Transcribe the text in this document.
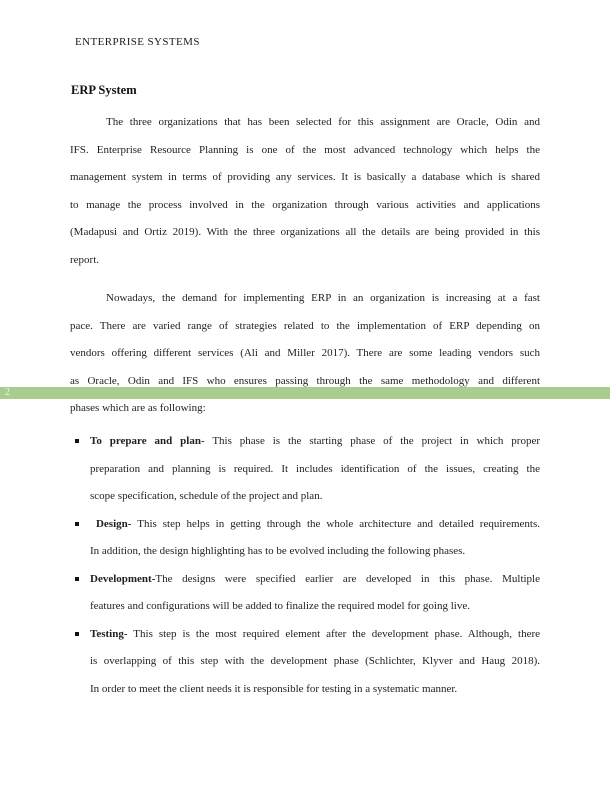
ENTERPRISE SYSTEMS
ERP System
The three organizations that has been selected for this assignment are Oracle, Odin and
IFS. Enterprise Resource Planning is one of the most advanced technology which helps the
management system in terms of providing any services. It is basically a database which is shared
to manage the process involved in the organization through various activities and applications
(Madapusi and Ortiz 2019). With the three organizations all the details are being provided in this
report.
Nowadays, the demand for implementing ERP in an organization is increasing at a fast
pace. There are varied range of strategies related to the implementation of ERP depending on
vendors offering different services (Ali and Miller 2017). There are some leading vendors such
as Oracle, Odin and IFS who ensures passing through the same methodology and different
phases which are as following:
2
To prepare and plan- This phase is the starting phase of the project in which proper
preparation and planning is required. It includes identification of the issues, creating the
scope specification, schedule of the project and plan.
Design- This step helps in getting through the whole architecture and detailed requirements.
In addition, the design highlighting has to be evolved including the following phases.
Development-The designs were specified earlier are developed in this phase. Multiple
features and configurations will be added to finalize the required model for going live.
Testing- This step is the most required element after the development phase. Although, there
is overlapping of this step with the development phase (Schlichter, Klyver and Haug 2018).
In order to meet the client needs it is responsible for testing in a systematic manner.
